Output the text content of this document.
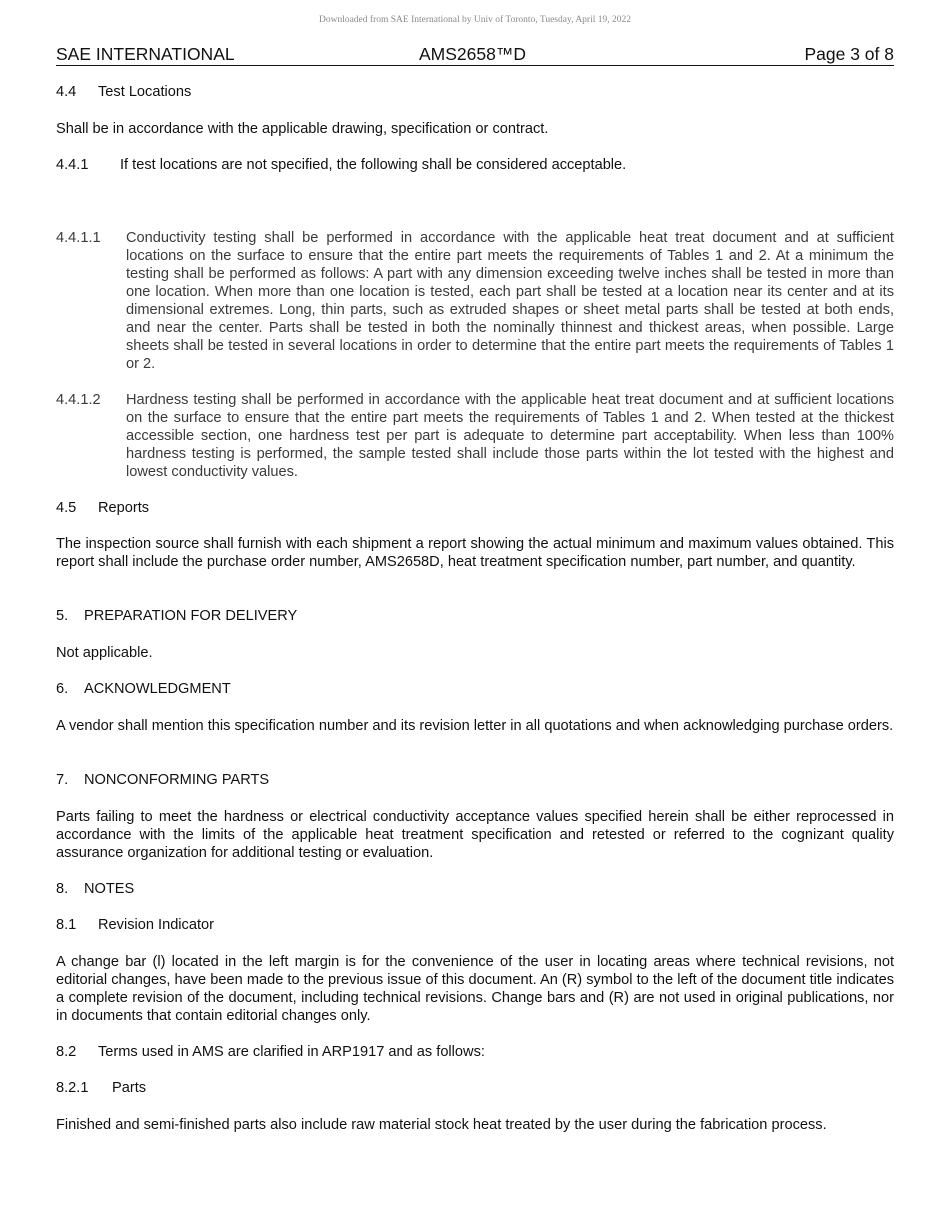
Downloaded from SAE International by Univ of Toronto, Tuesday, April 19, 2022
SAE INTERNATIONAL	AMS2658™D	Page 3 of 8
4.4 Test Locations
Shall be in accordance with the applicable drawing, specification or contract.
4.4.1 If test locations are not specified, the following shall be considered acceptable.
4.4.1.1 Conductivity testing shall be performed in accordance with the applicable heat treat document and at sufficient locations on the surface to ensure that the entire part meets the requirements of Tables 1 and 2. At a minimum the testing shall be performed as follows: A part with any dimension exceeding twelve inches shall be tested in more than one location. When more than one location is tested, each part shall be tested at a location near its center and at its dimensional extremes. Long, thin parts, such as extruded shapes or sheet metal parts shall be tested at both ends, and near the center. Parts shall be tested in both the nominally thinnest and thickest areas, when possible. Large sheets shall be tested in several locations in order to determine that the entire part meets the requirements of Tables 1 or 2.
4.4.1.2 Hardness testing shall be performed in accordance with the applicable heat treat document and at sufficient locations on the surface to ensure that the entire part meets the requirements of Tables 1 and 2. When tested at the thickest accessible section, one hardness test per part is adequate to determine part acceptability. When less than 100% hardness testing is performed, the sample tested shall include those parts within the lot tested with the highest and lowest conductivity values.
4.5 Reports
The inspection source shall furnish with each shipment a report showing the actual minimum and maximum values obtained. This report shall include the purchase order number, AMS2658D, heat treatment specification number, part number, and quantity.
5. PREPARATION FOR DELIVERY
Not applicable.
6. ACKNOWLEDGMENT
A vendor shall mention this specification number and its revision letter in all quotations and when acknowledging purchase orders.
7. NONCONFORMING PARTS
Parts failing to meet the hardness or electrical conductivity acceptance values specified herein shall be either reprocessed in accordance with the limits of the applicable heat treatment specification and retested or referred to the cognizant quality assurance organization for additional testing or evaluation.
8. NOTES
8.1 Revision Indicator
A change bar (l) located in the left margin is for the convenience of the user in locating areas where technical revisions, not editorial changes, have been made to the previous issue of this document. An (R) symbol to the left of the document title indicates a complete revision of the document, including technical revisions. Change bars and (R) are not used in original publications, nor in documents that contain editorial changes only.
8.2 Terms used in AMS are clarified in ARP1917 and as follows:
8.2.1 Parts
Finished and semi-finished parts also include raw material stock heat treated by the user during the fabrication process.
